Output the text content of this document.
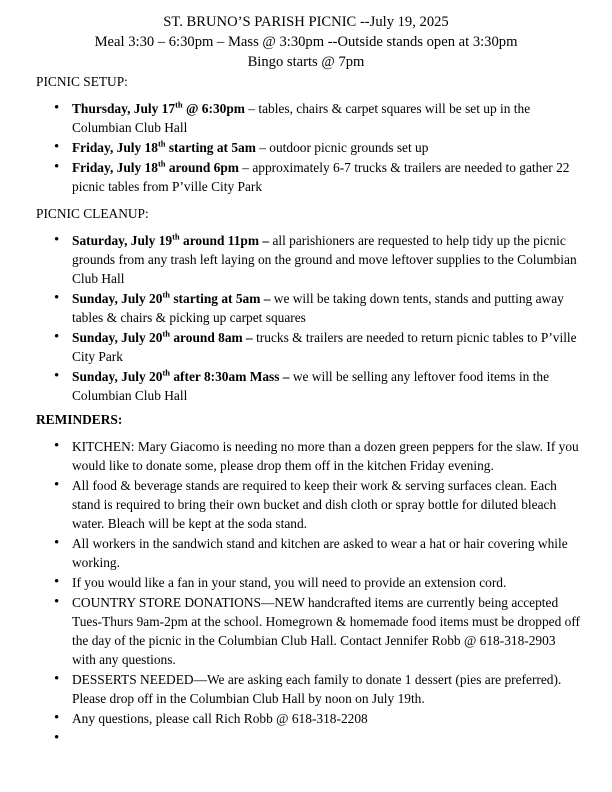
ST. BRUNO’S PARISH PICNIC --July 19, 2025
Meal 3:30 – 6:30pm – Mass @ 3:30pm --Outside stands open at 3:30pm
Bingo starts @ 7pm
PICNIC SETUP:
• Thursday, July 17th @ 6:30pm – tables, chairs & carpet squares will be set up in the Columbian Club Hall
• Friday, July 18th starting at 5am – outdoor picnic grounds set up
• Friday, July 18th around 6pm – approximately 6-7 trucks & trailers are needed to gather 22 picnic tables from P’ville City Park
PICNIC CLEANUP:
• Saturday, July 19th around 11pm – all parishioners are requested to help tidy up the picnic grounds from any trash left laying on the ground and move leftover supplies to the Columbian Club Hall
• Sunday, July 20th starting at 5am – we will be taking down tents, stands and putting away tables & chairs & picking up carpet squares
• Sunday, July 20th around 8am – trucks & trailers are needed to return picnic tables to P’ville City Park
• Sunday, July 20th after 8:30am Mass – we will be selling any leftover food items in the Columbian Club Hall
REMINDERS:
• KITCHEN: Mary Giacomo is needing no more than a dozen green peppers for the slaw. If you would like to donate some, please drop them off in the kitchen Friday evening.
• All food & beverage stands are required to keep their work & serving surfaces clean. Each stand is required to bring their own bucket and dish cloth or spray bottle for diluted bleach water. Bleach will be kept at the soda stand.
• All workers in the sandwich stand and kitchen are asked to wear a hat or hair covering while working.
• If you would like a fan in your stand, you will need to provide an extension cord.
• COUNTRY STORE DONATIONS—NEW handcrafted items are currently being accepted Tues-Thurs 9am-2pm at the school. Homegrown & homemade food items must be dropped off the day of the picnic in the Columbian Club Hall. Contact Jennifer Robb @ 618-318-2903 with any questions.
• DESSERTS NEEDED—We are asking each family to donate 1 dessert (pies are preferred). Please drop off in the Columbian Club Hall by noon on July 19th.
• Any questions, please call Rich Robb @ 618-318-2208
•
